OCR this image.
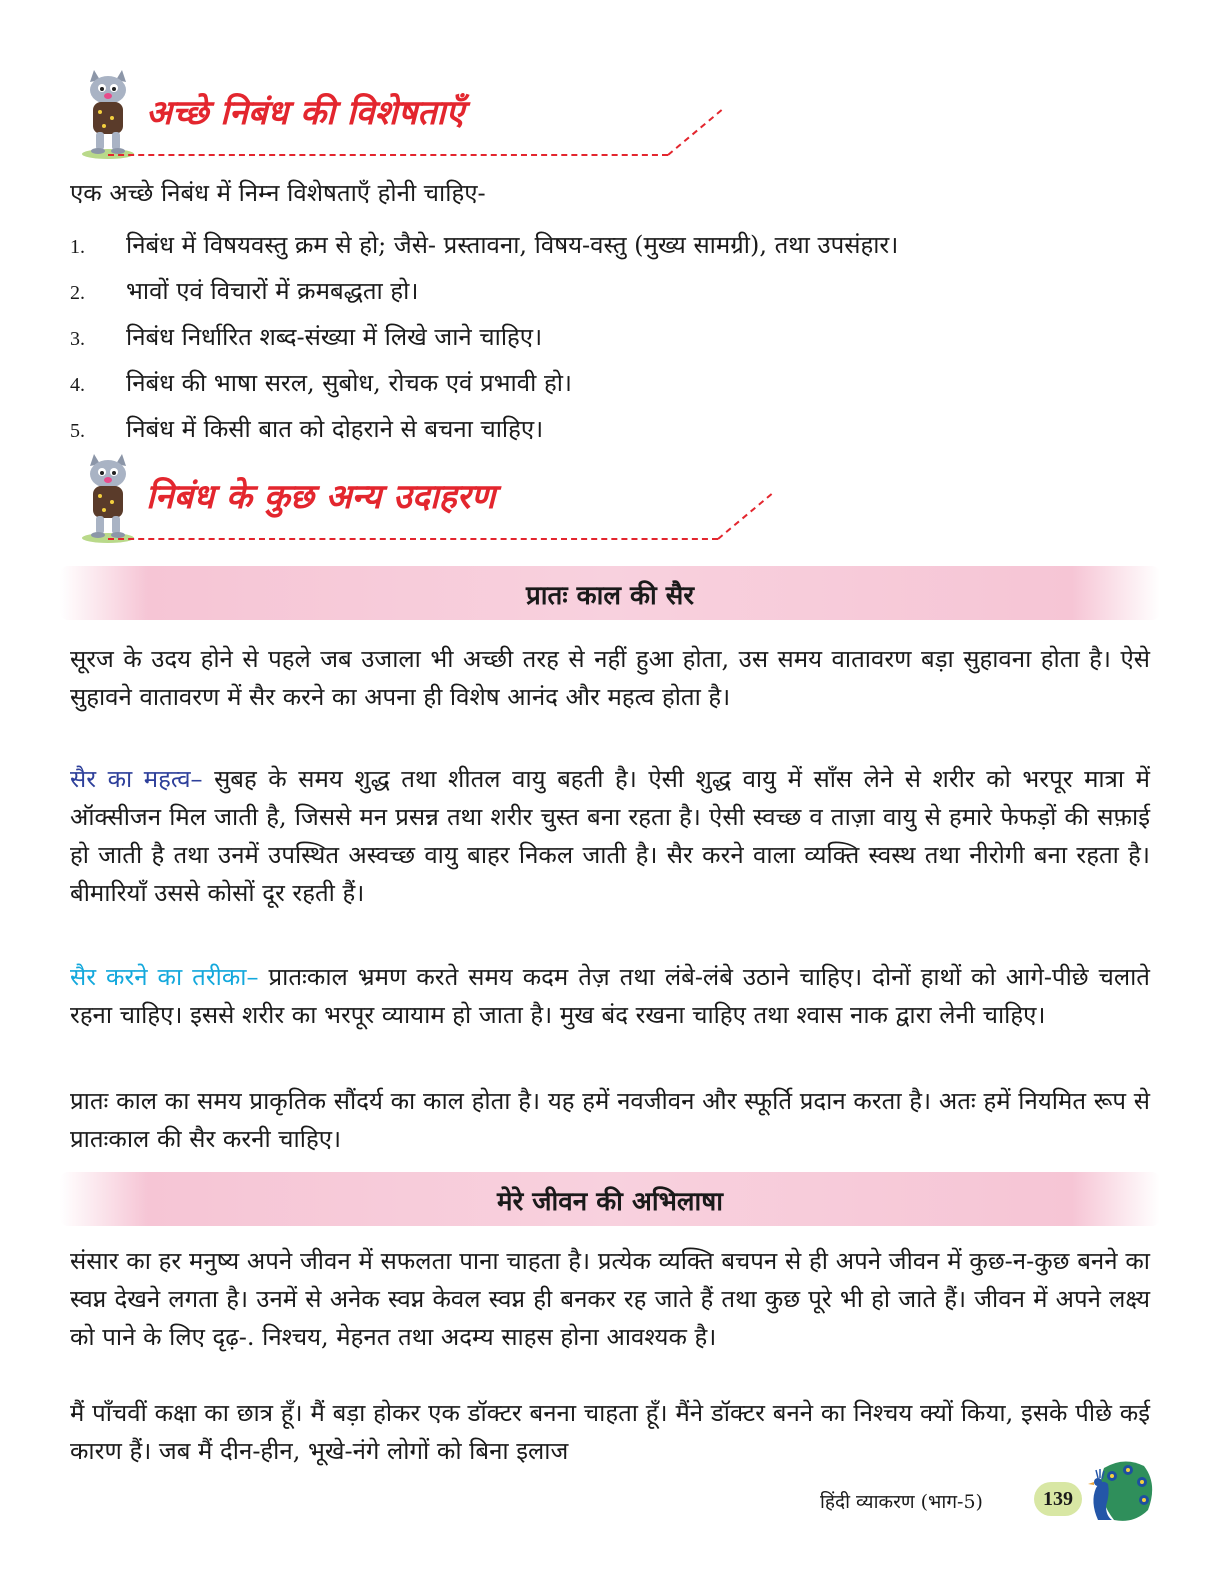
अच्छे निबंध की विशेषताएँ

एक अच्छे निबंध में निम्न विशेषताएँ होनी चाहिए-

1. निबंध में विषयवस्तु क्रम से हो; जैसे- प्रस्तावना, विषय-वस्तु (मुख्य सामग्री), तथा उपसंहार।
2. भावों एवं विचारों में क्रमबद्धता हो।
3. निबंध निर्धारित शब्द-संख्या में लिखे जाने चाहिए।
4. निबंध की भाषा सरल, सुबोध, रोचक एवं प्रभावी हो।
5. निबंध में किसी बात को दोहराने से बचना चाहिए।
निबंध के कुछ अन्य उदाहरण
प्रातः काल की सैर

सूरज के उदय होने से पहले जब उजाला भी अच्छी तरह से नहीं हुआ होता, उस समय वातावरण बड़ा सुहावना होता है। ऐसे सुहावने वातावरण में सैर करने का अपना ही विशेष आनंद और महत्व होता है।

सैर का महत्व– सुबह के समय शुद्ध तथा शीतल वायु बहती है। ऐसी शुद्ध वायु में साँस लेने से शरीर को भरपूर मात्रा में ऑक्सीजन मिल जाती है, जिससे मन प्रसन्न तथा शरीर चुस्त बना रहता है। ऐसी स्वच्छ व ताज़ा वायु से हमारे फेफड़ों की सफ़ाई हो जाती है तथा उनमें उपस्थित अस्वच्छ वायु बाहर निकल जाती है। सैर करने वाला व्यक्ति स्वस्थ तथा नीरोगी बना रहता है। बीमारियाँ उससे कोसों दूर रहती हैं।

सैर करने का तरीका– प्रातःकाल भ्रमण करते समय कदम तेज़ तथा लंबे-लंबे उठाने चाहिए। दोनों हाथों को आगे-पीछे चलाते रहना चाहिए। इससे शरीर का भरपूर व्यायाम हो जाता है। मुख बंद रखना चाहिए तथा श्वास नाक द्वारा लेनी चाहिए।

प्रातः काल का समय प्राकृतिक सौंदर्य का काल होता है। यह हमें नवजीवन और स्फूर्ति प्रदान करता है। अतः हमें नियमित रूप से प्रातःकाल की सैर करनी चाहिए।

मेरे जीवन की अभिलाषा

संसार का हर मनुष्य अपने जीवन में सफलता पाना चाहता है। प्रत्येक व्यक्ति बचपन से ही अपने जीवन में कुछ-न-कुछ बनने का स्वप्न देखने लगता है। उनमें से अनेक स्वप्न केवल स्वप्न ही बनकर रह जाते हैं तथा कुछ पूरे भी हो जाते हैं। जीवन में अपने लक्ष्य को पाने के लिए दृढ़-. निश्चय, मेहनत तथा अदम्य साहस होना आवश्यक है।

मैं पाँचवीं कक्षा का छात्र हूँ। मैं बड़ा होकर एक डॉक्टर बनना चाहता हूँ। मैंने डॉक्टर बनने का निश्चय क्यों किया, इसके पीछे कई कारण हैं। जब मैं दीन-हीन, भूखे-नंगे लोगों को बिना इलाज

हिंदी व्याकरण (भाग-5)	139
